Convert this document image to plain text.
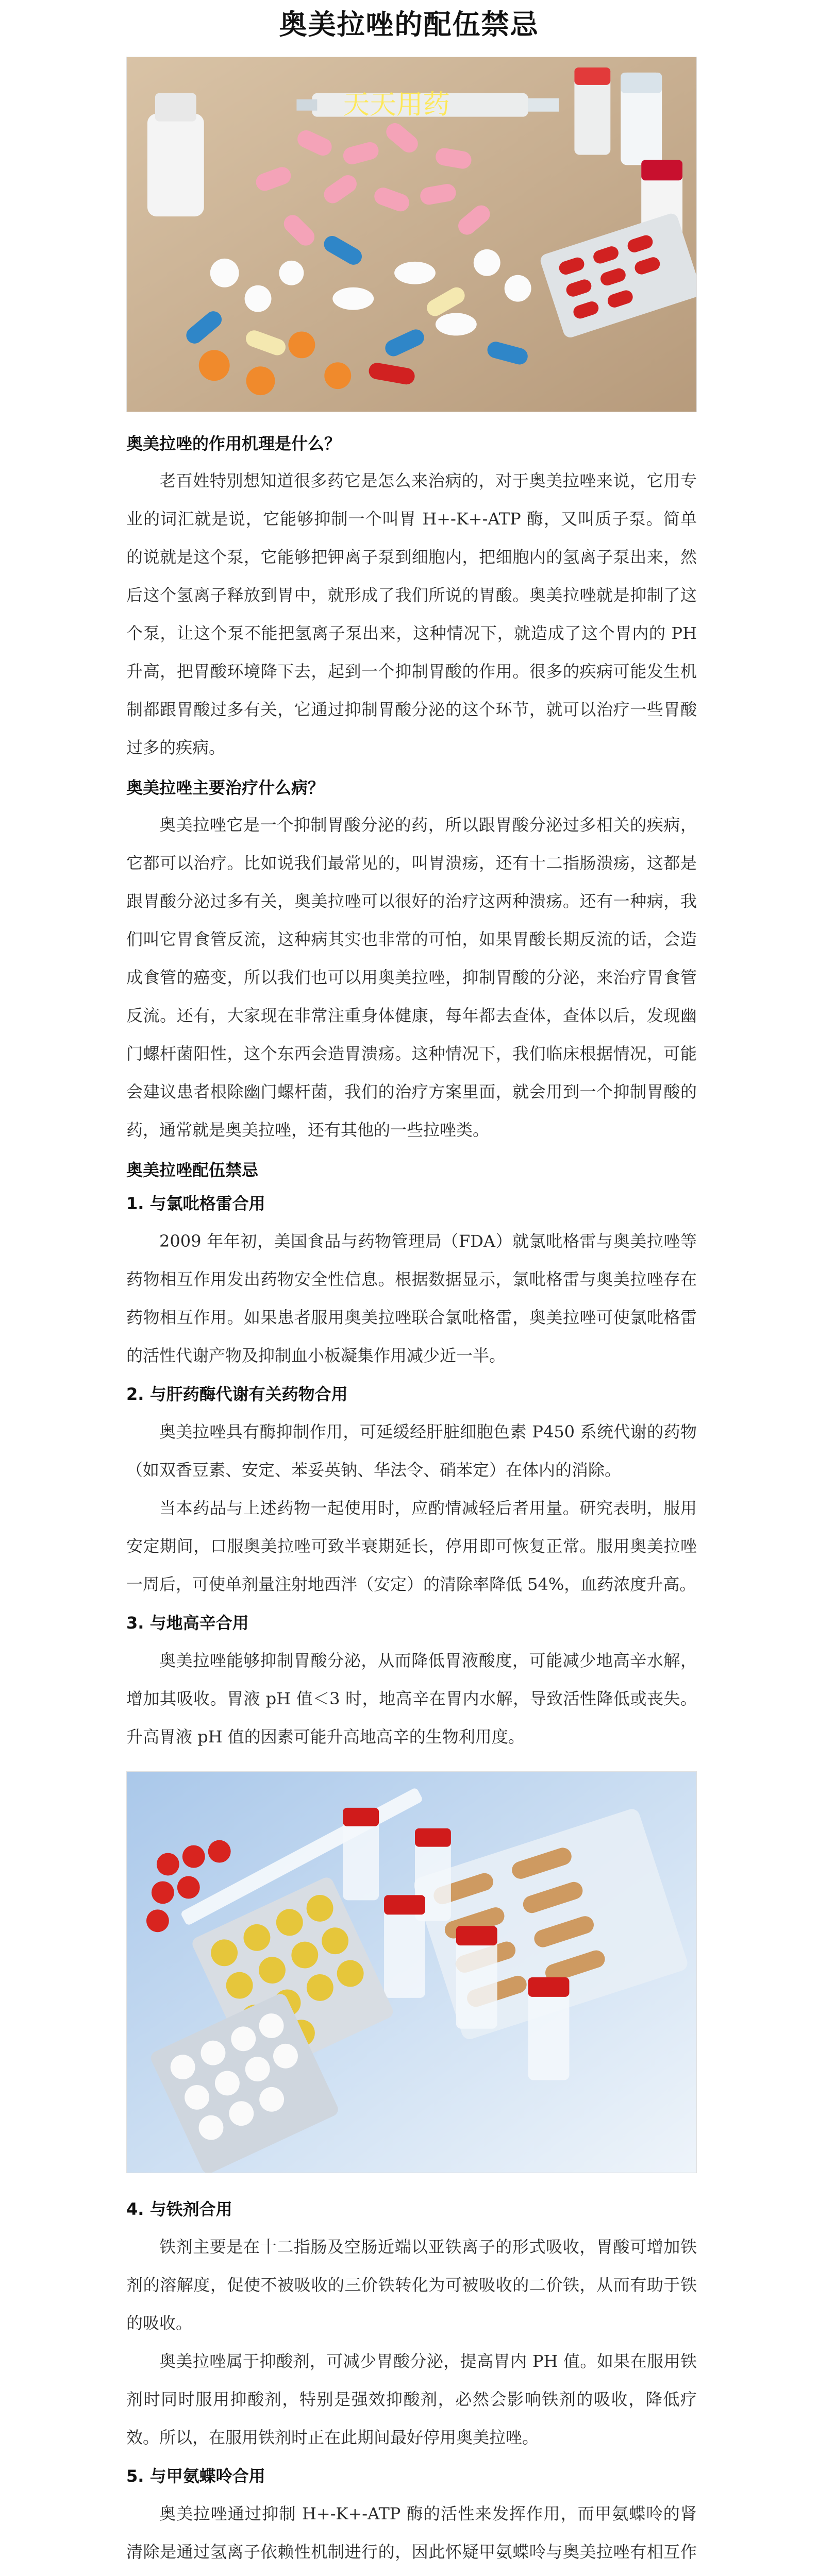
奥美拉唑的配伍禁忌
天天用药
奥美拉唑的作用机理是什么？

老百姓特别想知道很多药它是怎么来治病的，对于奥美拉唑来说，它用专业的词汇就是说，它能够抑制一个叫胃 H+-K+-ATP 酶，又叫质子泵。简单的说就是这个泵，它能够把钾离子泵到细胞内，把细胞内的氢离子泵出来，然后这个氢离子释放到胃中，就形成了我们所说的胃酸。奥美拉唑就是抑制了这个泵，让这个泵不能把氢离子泵出来，这种情况下，就造成了这个胃内的 PH 升高，把胃酸环境降下去，起到一个抑制胃酸的作用。很多的疾病可能发生机制都跟胃酸过多有关，它通过抑制胃酸分泌的这个环节，就可以治疗一些胃酸过多的疾病。

奥美拉唑主要治疗什么病？

奥美拉唑它是一个抑制胃酸分泌的药，所以跟胃酸分泌过多相关的疾病，它都可以治疗。比如说我们最常见的，叫胃溃疡，还有十二指肠溃疡，这都是跟胃酸分泌过多有关，奥美拉唑可以很好的治疗这两种溃疡。还有一种病，我们叫它胃食管反流，这种病其实也非常的可怕，如果胃酸长期反流的话，会造成食管的癌变，所以我们也可以用奥美拉唑，抑制胃酸的分泌，来治疗胃食管反流。还有，大家现在非常注重身体健康，每年都去查体，查体以后，发现幽门螺杆菌阳性，这个东西会造胃溃疡。这种情况下，我们临床根据情况，可能会建议患者根除幽门螺杆菌，我们的治疗方案里面，就会用到一个抑制胃酸的药，通常就是奥美拉唑，还有其他的一些拉唑类。

奥美拉唑配伍禁忌
1. 与氯吡格雷合用

2009 年年初，美国食品与药物管理局（FDA）就氯吡格雷与奥美拉唑等药物相互作用发出药物安全性信息。根据数据显示，氯吡格雷与奥美拉唑存在药物相互作用。如果患者服用奥美拉唑联合氯吡格雷，奥美拉唑可使氯吡格雷的活性代谢产物及抑制血小板凝集作用减少近一半。

2. 与肝药酶代谢有关药物合用

奥美拉唑具有酶抑制作用，可延缓经肝脏细胞色素 P450 系统代谢的药物（如双香豆素、安定、苯妥英钠、华法令、硝苯定）在体内的消除。

当本药品与上述药物一起使用时，应酌情减轻后者用量。研究表明，服用安定期间，口服奥美拉唑可致半衰期延长，停用即可恢复正常。服用奥美拉唑一周后，可使单剂量注射地西泮（安定）的清除率降低 54%，血药浓度升高。

3. 与地高辛合用

奥美拉唑能够抑制胃酸分泌，从而降低胃液酸度，可能减少地高辛水解，增加其吸收。胃液 pH 值＜3 时，地高辛在胃内水解，导致活性降低或丧失。升高胃液 pH 值的因素可能升高地高辛的生物利用度。

4. 与铁剂合用

铁剂主要是在十二指肠及空肠近端以亚铁离子的形式吸收，胃酸可增加铁剂的溶解度，促使不被吸收的三价铁转化为可被吸收的二价铁，从而有助于铁的吸收。

奥美拉唑属于抑酸剂，可减少胃酸分泌，提高胃内 PH 值。如果在服用铁剂时同时服用抑酸剂，特别是强效抑酸剂，必然会影响铁剂的吸收，降低疗效。所以，在服用铁剂时正在此期间最好停用奥美拉唑。

5. 与甲氨蝶呤合用

奥美拉唑通过抑制 H+-K+-ATP 酶的活性来发挥作用，而甲氨蝶呤的肾清除是通过氢离子依赖性机制进行的，因此怀疑甲氨蝶呤与奥美拉唑有相互作
